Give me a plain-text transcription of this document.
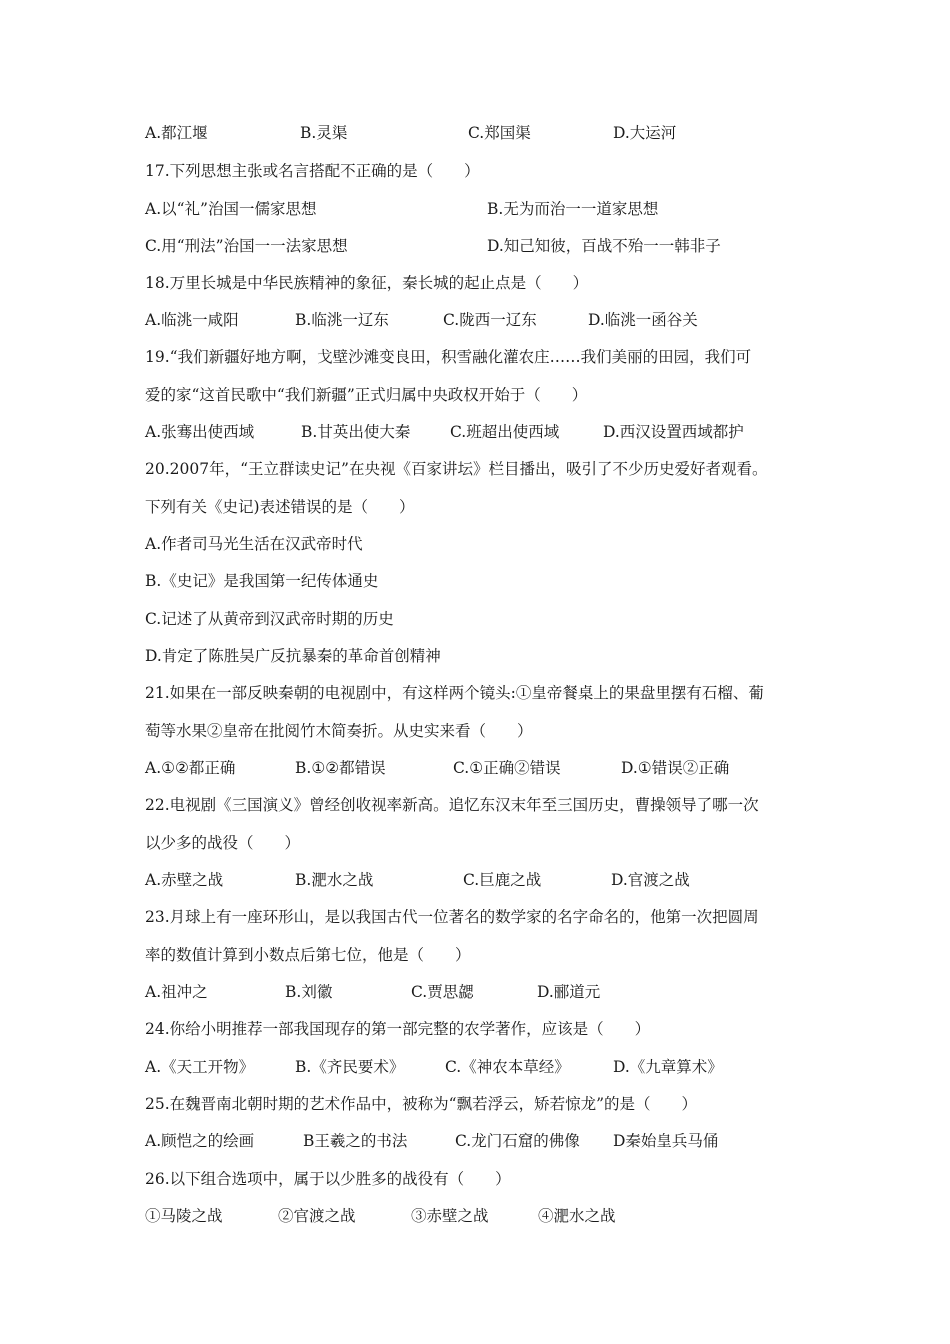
A.都江堰	B.灵渠	C.郑国渠	D.大运河
17.下列思想主张或名言搭配不正确的是（　　）
A.以“礼”治国一儒家思想	B.无为而治一一道家思想
C.用“刑法”治国一一法家思想	D.知己知彼，百战不殆一一韩非子
18.万里长城是中华民族精神的象征，秦长城的起止点是（　　）
A.临洮一咸阳	B.临洮一辽东	C.陇西一辽东	D.临洮一函谷关
19.“我们新疆好地方啊，戈壁沙滩变良田，积雪融化灌农庄……我们美丽的田园，我们可
爱的家“这首民歌中“我们新疆”正式归属中央政权开始于（　　）
A.张骞出使西域	B.甘英出使大秦	C.班超出使西域	D.西汉设置西域都护
20.2007年，“王立群读史记”在央视《百家讲坛》栏目播出，吸引了不少历史爱好者观看。
下列有关《史记)表述错误的是（　　）
A.作者司马光生活在汉武帝时代
B.《史记》是我国第一纪传体通史
C.记述了从黄帝到汉武帝时期的历史
D.肯定了陈胜吴广反抗暴秦的革命首创精神
21.如果在一部反映秦朝的电视剧中，有这样两个镜头:①皇帝餐桌上的果盘里摆有石榴、葡
萄等水果②皇帝在批阅竹木简奏折。从史实来看（　　）
A.①②都正确	B.①②都错误	C.①正确②错误	D.①错误②正确
22.电视剧《三国演义》曾经创收视率新高。追忆东汉末年至三国历史，曹操领导了哪一次
以少多的战役（　　）
A.赤壁之战	B.淝水之战	C.巨鹿之战	D.官渡之战
23.月球上有一座环形山，是以我国古代一位著名的数学家的名字命名的，他第一次把圆周
率的数值计算到小数点后第七位，他是（　　）
A.祖冲之	B.刘徽	C.贾思勰	D.郦道元
24.你给小明推荐一部我国现存的第一部完整的农学著作，应该是（　　）
A.《天工开物》	B.《齐民要术》	C.《神农本草经》	D.《九章算术》
25.在魏晋南北朝时期的艺术作品中，被称为“飘若浮云，矫若惊龙”的是（　　）
A.顾恺之的绘画	B王羲之的书法	C.龙门石窟的佛像 D秦始皇兵马俑
26.以下组合选项中，属于以少胜多的战役有（　　）
①马陵之战	②官渡之战	③赤壁之战	④淝水之战
